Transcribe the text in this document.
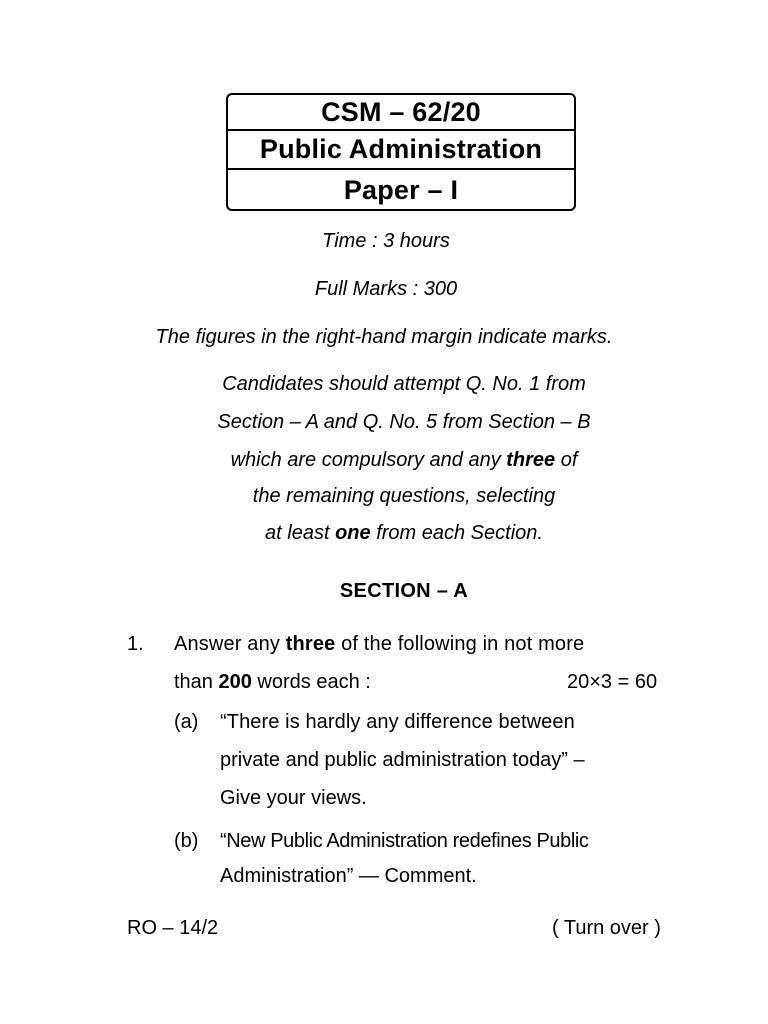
CSM – 62/20
Public Administration
Paper – I
Time : 3 hours
Full Marks : 300
The figures in the right-hand margin indicate marks.
Candidates should attempt Q. No. 1 from
Section – A and Q. No. 5 from Section – B
which are compulsory and any three of
the remaining questions, selecting
at least one from each Section.
SECTION – A
1. Answer any three of the following in not more
than 200 words each :	20×3 = 60
(a) “There is hardly any difference between
private and public administration today” –
Give your views.
(b) “New Public Administration redefines Public
Administration” — Comment.
RO – 14/2	( Turn over )
